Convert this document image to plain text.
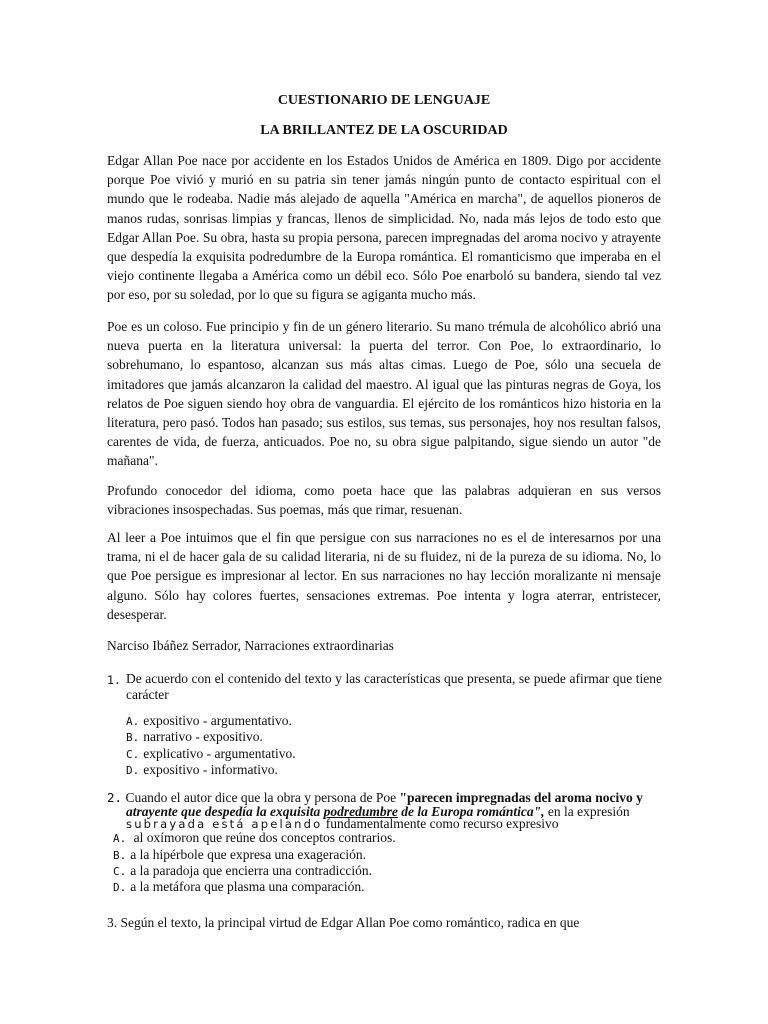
CUESTIONARIO DE LENGUAJE
LA BRILLANTEZ DE LA OSCURIDAD
Edgar Allan Poe nace por accidente en los Estados Unidos de América en 1809. Digo por accidente porque Poe vivió y murió en su patria sin tener jamás ningún punto de contacto espiritual con el mundo que le rodeaba. Nadie más alejado de aquella "América en marcha", de aquellos pioneros de manos rudas, sonrisas limpias y francas, llenos de simplicidad. No, nada más lejos de todo esto que Edgar Allan Poe. Su obra, hasta su propia persona, parecen impregnadas del aroma nocivo y atrayente que despedía la exquisita podredumbre de la Europa romántica. El romanticismo que imperaba en el viejo continente llegaba a América como un débil eco. Sólo Poe enarboló su bandera, siendo tal vez por eso, por su soledad, por lo que su figura se agiganta mucho más.
Poe es un coloso. Fue principio y fin de un género literario. Su mano trémula de alcohólico abrió una nueva puerta en la literatura universal: la puerta del terror. Con Poe, lo extraordinario, lo sobrehumano, lo espantoso, alcanzan sus más altas cimas. Luego de Poe, sólo una secuela de imitadores que jamás alcanzaron la calidad del maestro. Al igual que las pinturas negras de Goya, los relatos de Poe siguen siendo hoy obra de vanguardia. El ejército de los románticos hizo historia en la literatura, pero pasó. Todos han pasado; sus estilos, sus temas, sus personajes, hoy nos resultan falsos, carentes de vida, de fuerza, anticuados. Poe no, su obra sigue palpitando, sigue siendo un autor "de mañana".
Profundo conocedor del idioma, como poeta hace que las palabras adquieran en sus versos vibraciones insospechadas. Sus poemas, más que rimar, resuenan.
Al leer a Poe intuimos que el fin que persigue con sus narraciones no es el de interesarnos por una trama, ni el de hacer gala de su calidad literaria, ni de su fluidez, ni de la pureza de su idioma. No, lo que Poe persigue es impresionar al lector. En sus narraciones no hay lección moralizante ni mensaje alguno. Sólo hay colores fuertes, sensaciones extremas. Poe intenta y logra aterrar, entristecer, desesperar.
Narciso Ibáñez Serrador, Narraciones extraordinarias
1. De acuerdo con el contenido del texto y las características que presenta, se puede afirmar que tiene carácter
A. expositivo - argumentativo.
B. narrativo - expositivo.
C. explicativo - argumentativo.
D. expositivo - informativo.
2. Cuando el autor dice que la obra y persona de Poe "parecen impregnadas del aroma nocivo y
atrayente que despedía la exquisita podredumbre de la Europa romántica", en la expresión
subrayada está apelando fundamentalmente como recurso expresivo
A. al oxímoron que reúne dos conceptos contrarios.
B. a la hipérbole que expresa una exageración.
C. a la paradoja que encierra una contradicción.
D. a la metáfora que plasma una comparación.
3. Según el texto, la principal virtud de Edgar Allan Poe como romántico, radica en que
